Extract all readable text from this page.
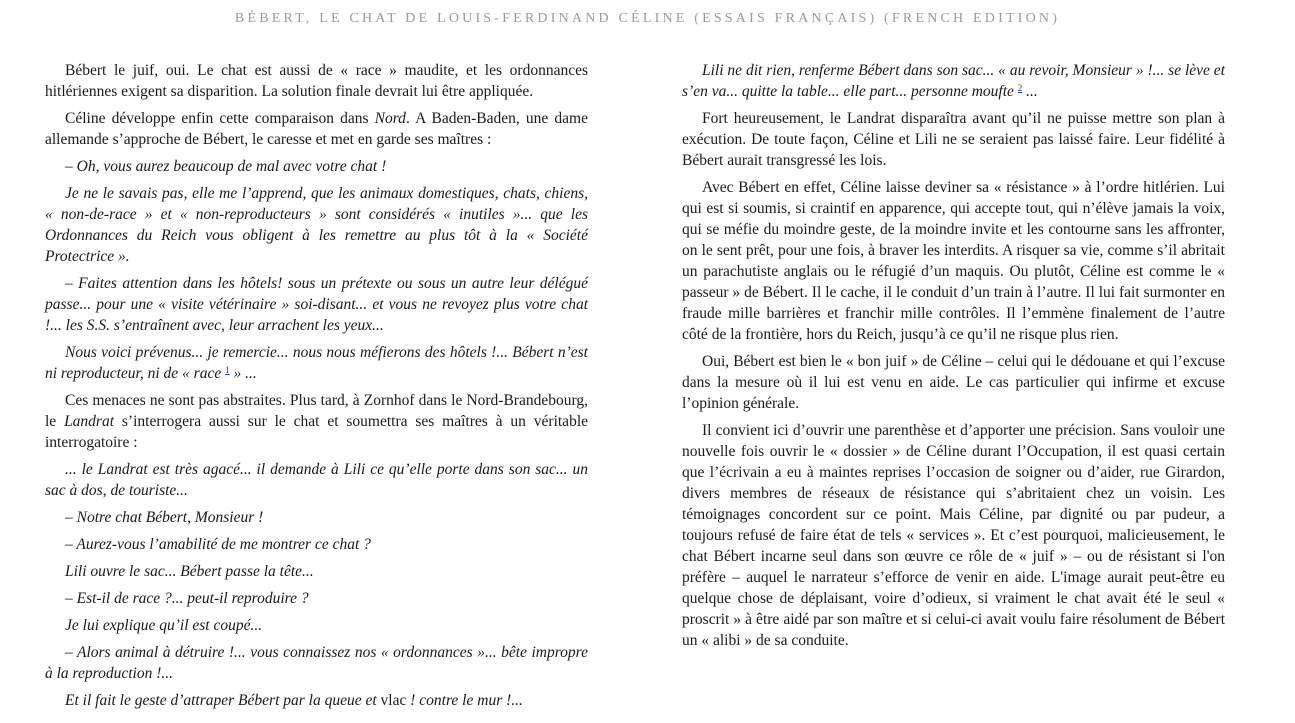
BÉBERT, LE CHAT DE LOUIS-FERDINAND CÉLINE (ESSAIS FRANÇAIS) (FRENCH EDITION)

Bébert le juif, oui. Le chat est aussi de « race » maudite, et les ordonnances hitlériennes exigent sa disparition. La solution finale devrait lui être appliquée.

Céline développe enfin cette comparaison dans Nord. A Baden-Baden, une dame allemande s’approche de Bébert, le caresse et met en garde ses maîtres :

– Oh, vous aurez beaucoup de mal avec votre chat !

Je ne le savais pas, elle me l’apprend, que les animaux domestiques, chats, chiens, « non-de-race » et « non-reproducteurs » sont considérés « inutiles »... que les Ordonnances du Reich vous obligent à les remettre au plus tôt à la « Société Protectrice ».

– Faites attention dans les hôtels! sous un prétexte ou sous un autre leur délégué passe... pour une « visite vétérinaire » soi-disant... et vous ne revoyez plus votre chat !... les S.S. s’entraînent avec, leur arrachent les yeux...

Nous voici prévenus... je remercie... nous nous méfierons des hôtels !... Bébert n’est ni reproducteur, ni de « race $^1$ » ...

Ces menaces ne sont pas abstraites. Plus tard, à Zornhof dans le Nord-Brandebourg, le Landrat s’interrogera aussi sur le chat et soumettra ses maîtres à un véritable interrogatoire :

... le Landrat est très agacé... il demande à Lili ce qu’elle porte dans son sac... un sac à dos, de touriste...

– Notre chat Bébert, Monsieur !

– Aurez-vous l’amabilité de me montrer ce chat ?

Lili ouvre le sac... Bébert passe la tête...

– Est-il de race ?... peut-il reproduire ?

Je lui explique qu’il est coupé...

– Alors animal à détruire !... vous connaissez nos « ordonnances »... bête impropre à la reproduction !...

Et il fait le geste d’attraper Bébert par la queue et vlac ! contre le mur !...

Lili ne dit rien, renferme Bébert dans son sac... « au revoir, Monsieur » !... se lève et s’en va... quitte la table... elle part... personne moufte $^2$ ...

Fort heureusement, le Landrat disparaîtra avant qu’il ne puisse mettre son plan à exécution. De toute façon, Céline et Lili ne se seraient pas laissé faire. Leur fidélité à Bébert aurait transgressé les lois.

Avec Bébert en effet, Céline laisse deviner sa « résistance » à l’ordre hitlérien. Lui qui est si soumis, si craintif en apparence, qui accepte tout, qui n’élève jamais la voix, qui se méfie du moindre geste, de la moindre invite et les contourne sans les affronter, on le sent prêt, pour une fois, à braver les interdits. A risquer sa vie, comme s’il abritait un parachutiste anglais ou le réfugié d’un maquis. Ou plutôt, Céline est comme le « passeur » de Bébert. Il le cache, il le conduit d’un train à l’autre. Il lui fait surmonter en fraude mille barrières et franchir mille contrôles. Il l’emmène finalement de l’autre côté de la frontière, hors du Reich, jusqu’à ce qu’il ne risque plus rien.

Oui, Bébert est bien le « bon juif » de Céline – celui qui le dédouane et qui l’excuse dans la mesure où il lui est venu en aide. Le cas particulier qui infirme et excuse l’opinion générale.

Il convient ici d’ouvrir une parenthèse et d’apporter une précision. Sans vouloir une nouvelle fois ouvrir le « dossier » de Céline durant l’Occupation, il est quasi certain que l’écrivain a eu à maintes reprises l’occasion de soigner ou d’aider, rue Girardon, divers membres de réseaux de résistance qui s’abritaient chez un voisin. Les témoignages concordent sur ce point. Mais Céline, par dignité ou par pudeur, a toujours refusé de faire état de tels « services ». Et c’est pourquoi, malicieusement, le chat Bébert incarne seul dans son œuvre ce rôle de « juif » – ou de résistant si l'on préfère – auquel le narrateur s’efforce de venir en aide. L'image aurait peut-être eu quelque chose de déplaisant, voire d’odieux, si vraiment le chat avait été le seul « proscrit » à être aidé par son maître et si celui-ci avait voulu faire résolument de Bébert un « alibi » de sa conduite.
